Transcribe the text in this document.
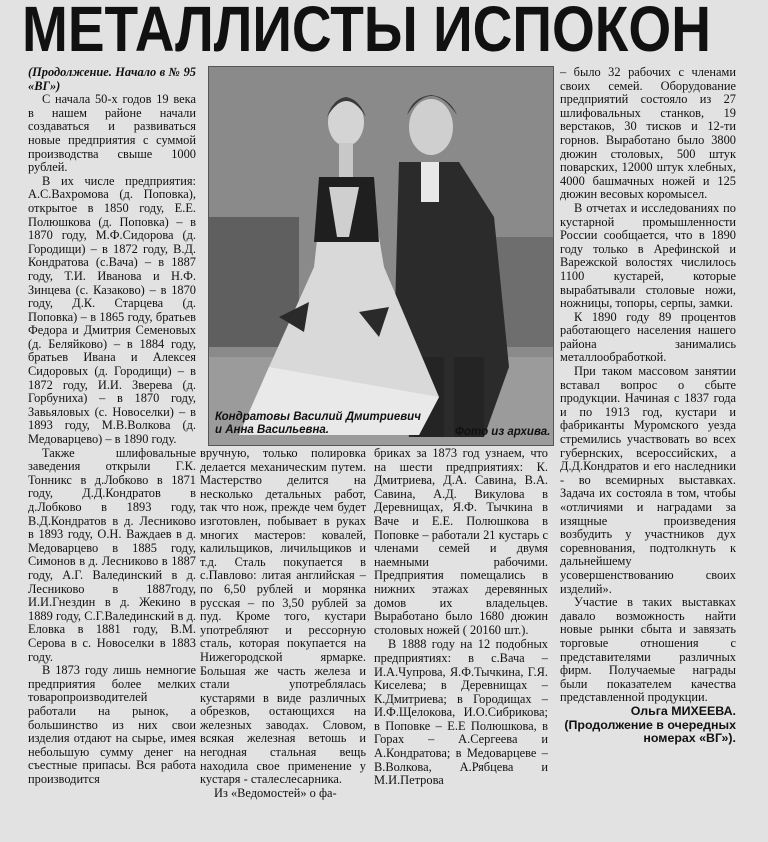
МЕТАЛЛИСТЫ ИСПОКОН

(Продолжение. Начало в № 95 «ВГ»)

С начала 50-х годов 19 века в нашем районе начали создаваться и развиваться новые предприятия с суммой производства свыше 1000 рублей.

В их числе предприятия: А.С.Вахромова (д. Поповка), открытое в 1850 году, Е.Е. Полюшкова (д. Поповка) – в 1870 году, М.Ф.Сидорова (д. Городищи) – в 1872 году, В.Д. Кондратова (с.Вача) – в 1887 году, Т.И. Иванова и Н.Ф. Зинцева (с. Казаково) – в 1870 году, Д.К. Старцева (д. Поповка) – в 1865 году, братьев Федора и Дмитрия Семеновых (д. Беляйково) – в 1884 году, братьев Ивана и Алексея Сидоровых (д. Городищи) – в 1872 году, И.И. Зверева (д. Горбуниха) – в 1870 году, Завьяловых (с. Новоселки) – в 1893 году, М.В.Волкова (д. Медоварцево) – в 1890 году.

Также шлифовальные заведения открыли Г.К. Тонникс в д.Лобково в 1871 году, Д.Д.Кондратов в д.Лобково в 1893 году, В.Д.Кондратов в д. Лесниково в 1893 году, О.Н. Важдаев в д. Медоварцево в 1885 году, Симонов в д. Лесниково в 1887 году, А.Г. Валединский в д. Лесниково в 1887году, И.И.Гнездин в д. Жекино в 1889 году, С.Г.Валединский в д. Еловка в 1881 году, В.М. Серова в с. Новоселки в 1883 году.

В 1873 году лишь немногие предприятия более мелких товаропроизводителей работали на рынок, а большинство из них свои изделия отдают на сырье, имея небольшую сумму денег на съестные припасы. Вся работа производится

Кондратовы Василий Дмитриевич
и Анна Васильевна.	Фото из архива.

вручную, только полировка делается механическим путем. Мастерство делится на несколько детальных работ, так что нож, прежде чем будет изготовлен, побывает в руках многих мастеров: ковалей, калильщиков, личильщиков и т.д. Сталь покупается в с.Павлово: литая английская – по 6,50 рублей и морянка русская – по 3,50 рублей за пуд. Кроме того, кустари употребляют и рессорную сталь, которая покупается на Нижегородской ярмарке. Большая же часть железа и стали употреблялась кустарями в виде различных обрезков, остающихся на железных заводах. Словом, всякая железная ветошь и негодная стальная вещь находила свое применение у кустаря - сталеслесарника.

Из «Ведомостей» о фа-

брикax за 1873 год узнаем, что на шести предприятиях: К. Дмитриева, Д.А. Савина, В.А. Савина, А.Д. Викулова в Деревнищах, Я.Ф. Тычкина в Ваче и Е.Е. Полюшкова в Поповке – работали 21 кустарь с членами семей и двумя наемными рабочими. Предприятия помещались в нижних этажах деревянных домов их владельцев. Выработано было 1680 дюжин столовых ножей ( 20160 шт.).

В 1888 году на 12 подобных предприятиях: в с.Вача – И.А.Чупрова, Я.Ф.Тычкина, Г.Я. Киселева; в Деревнищах – К.Дмитриева; в Городищах – И.Ф.Щелокова, И.О.Сибрикова; в Поповке – Е.Е Полюшкова, в Горах – А.Сергеева и А.Кондратова; в Медоварцеве – В.Волкова, А.Рябцева и М.И.Петрова

– было 32 рабочих с членами своих семей. Оборудование предприятий состояло из 27 шлифовальных станков, 19 верстаков, 30 тисков и 12-ти горнов. Выработано было 3800 дюжин столовых, 500 штук поварских, 12000 штук хлебных, 4000 башмачных ножей и 125 дюжин весовых коромысел.

В отчетах и исследованиях по кустарной промышленности России сообщается, что в 1890 году только в Арефинской и Варежской волостях числилось 1100 кустарей, которые вырабатывали столовые ножи, ножницы, топоры, серпы, замки.

К 1890 году 89 процентов работающего населения нашего района занимались металлообработкой.

При таком массовом занятии вставал вопрос о сбыте продукции. Начиная с 1837 года и по 1913 год, кустари и фабриканты Муромского уезда стремились участвовать во всех губернских, всероссийских, а Д.Д.Кондратов и его наследники - во всемирных выставках. Задача их состояла в том, чтобы «отличиями и наградами за изящные произведения возбудить у участников дух соревнования, подтолкнуть к дальнейшему усовершенствованию своих изделий».

Участие в таких выставках давало возможность найти новые рынки сбыта и завязать торговые отношения с представителями различных фирм. Получаемые награды были показателем качества представленной продукции.

Ольга МИХЕЕВА.

(Продолжение в очередных номерах «ВГ»).
